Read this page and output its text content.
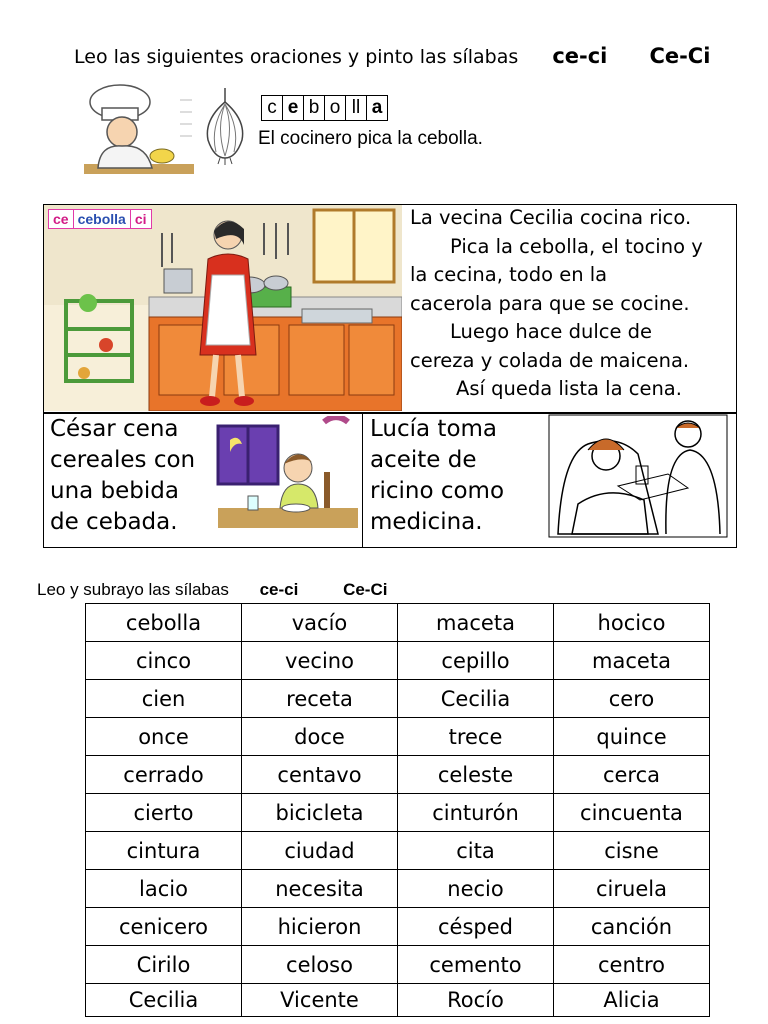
Leo las siguientes oraciones y pinto las sílabas ce-ci Ce-Ci
c e b o ll a
El cocinero pica la cebolla.
ce cebolla ci	La vecina Cecilia cocina rico.
Pica la cebolla, el tocino y
la cecina, todo en la
cacerola para que se cocine.
Luego hace dulce de
cereza y colada de maicena.
Así queda lista la cena.
César cena
cereales con
una bebida
de cebada.
Lucía toma
aceite de
ricino como
medicina.
Leo y subrayo las sílabas ce-ci	Ce-Ci
cebolla	vacío	maceta	hocico
cinco	vecino	cepillo	maceta
cien	receta	Cecilia	cero
once	doce	trece	quince
cerrado	centavo	celeste	cerca
cierto	bicicleta	cinturón	cincuenta
cintura	ciudad	cita	cisne
lacio	necesita	necio	ciruela
cenicero	hicieron	césped	canción
Cirilo	celoso	cemento	centro
Cecilia	Vicente	Rocío	Alicia
